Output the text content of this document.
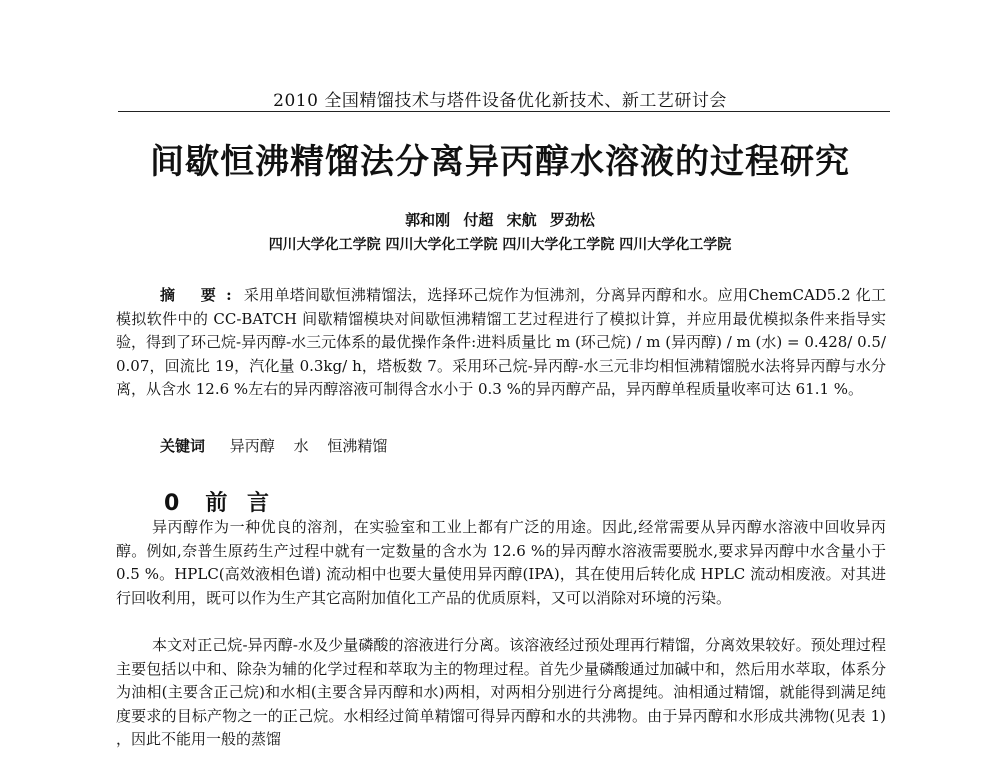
2010 全国精馏技术与塔件设备优化新技术、新工艺研讨会
间歇恒沸精馏法分离异丙醇水溶液的过程研究
郭和刚 付超 宋航 罗劲松
四川大学化工学院 四川大学化工学院 四川大学化工学院 四川大学化工学院
摘 要: 采用单塔间歇恒沸精馏法，选择环己烷作为恒沸剂，分离异丙醇和水。应用ChemCAD5.2 化工模拟软件中的 CC-BATCH 间歇精馏模块对间歇恒沸精馏工艺过程进行了模拟计算，并应用最优模拟条件来指导实验，得到了环己烷-异丙醇-水三元体系的最优操作条件:进料质量比 m (环己烷) / m (异丙醇) / m (水) = 0.428/ 0.5/ 0.07，回流比 19，汽化量 0.3kg/ h，塔板数 7。采用环己烷-异丙醇-水三元非均相恒沸精馏脱水法将异丙醇与水分离，从含水 12.6 %左右的异丙醇溶液可制得含水小于 0.3 %的异丙醇产品，异丙醇单程质量收率可达 61.1 %。
关键词 异丙醇 水 恒沸精馏
0 前 言
异丙醇作为一种优良的溶剂，在实验室和工业上都有广泛的用途。因此,经常需要从异丙醇水溶液中回收异丙醇。例如,奈普生原药生产过程中就有一定数量的含水为 12.6 %的异丙醇水溶液需要脱水,要求异丙醇中水含量小于 0.5 %。HPLC(高效液相色谱) 流动相中也要大量使用异丙醇(IPA)，其在使用后转化成 HPLC 流动相废液。对其进行回收利用，既可以作为生产其它高附加值化工产品的优质原料，又可以消除对环境的污染。
本文对正己烷-异丙醇-水及少量磷酸的溶液进行分离。该溶液经过预处理再行精馏，分离效果较好。预处理过程主要包括以中和、除杂为辅的化学过程和萃取为主的物理过程。首先少量磷酸通过加碱中和，然后用水萃取，体系分为油相(主要含正己烷)和水相(主要含异丙醇和水)两相，对两相分别进行分离提纯。油相通过精馏，就能得到满足纯度要求的目标产物之一的正己烷。水相经过简单精馏可得异丙醇和水的共沸物。由于异丙醇和水形成共沸物(见表 1) ，因此不能用一般的蒸馏
